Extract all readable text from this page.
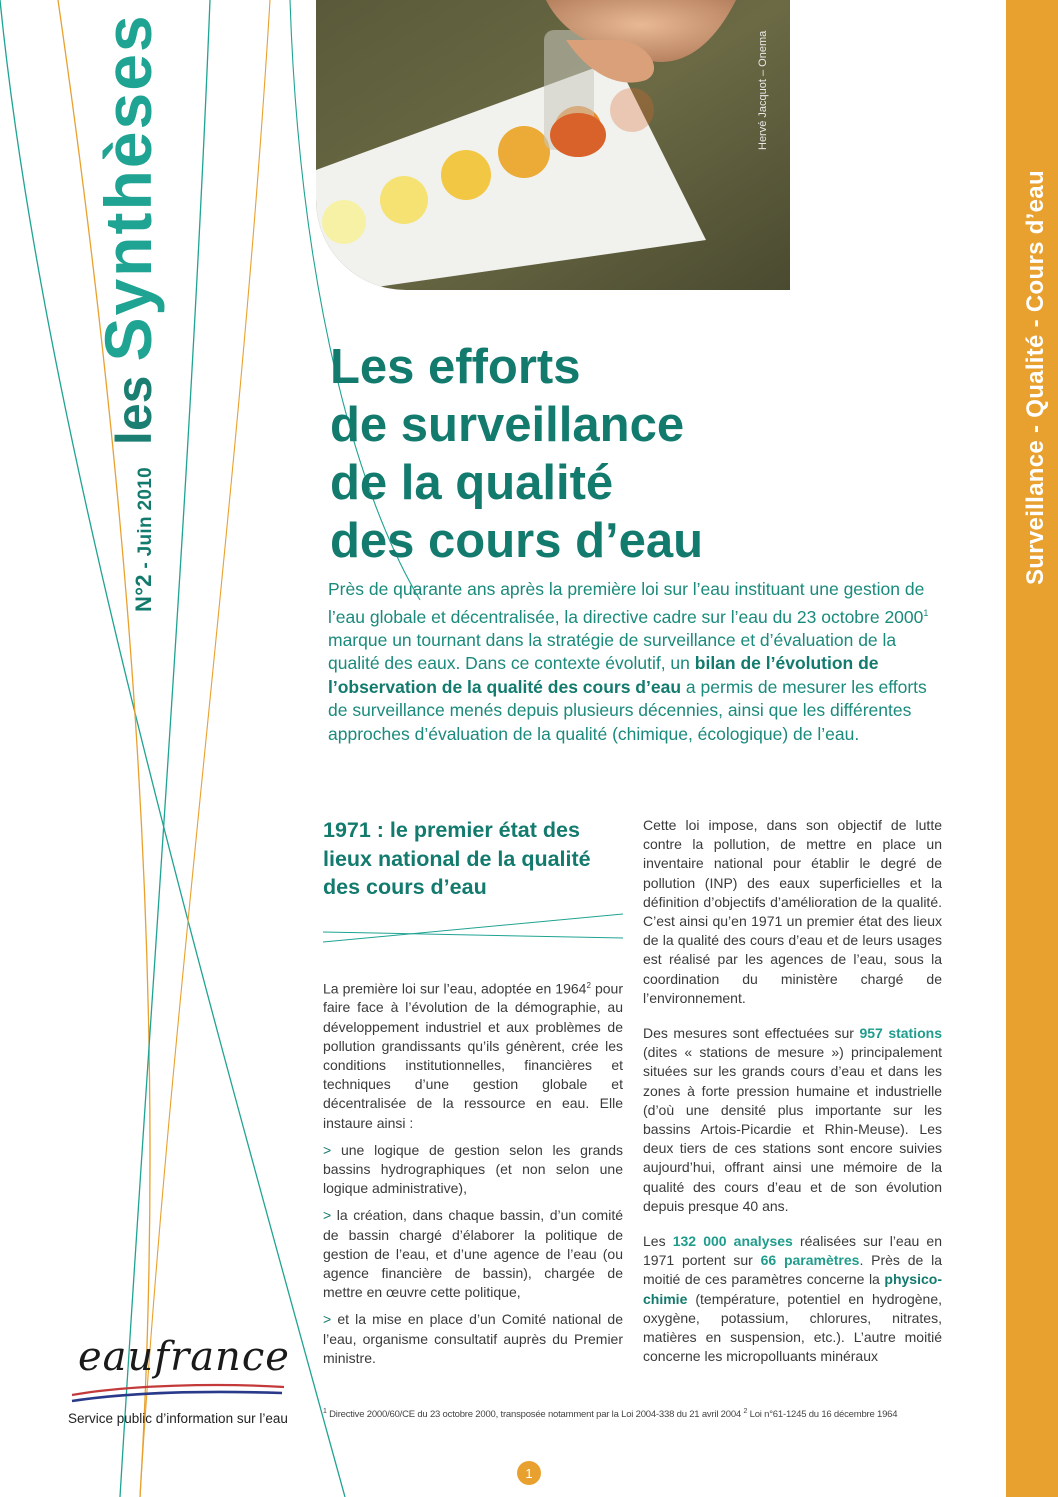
N°2 - Juin 2010
les
Synthèses	Surveillance - Qualité - Cours d’eau
Hervé Jacquot – Onema
Les efforts
de surveillance
de la qualité
des cours d’eau

Près de quarante ans après la première loi sur l’eau instituant une gestion de l’eau globale et décentralisée, la directive cadre sur l’eau du 23 octobre 2000$^1$ marque un tournant dans la stratégie de surveillance et d’évaluation de la qualité des eaux. Dans ce contexte évolutif, un bilan de l’évolution de l’observation de la qualité des cours d’eau a permis de mesurer les efforts de surveillance menés depuis plusieurs décennies, ainsi que les différentes approches d’évaluation de la qualité (chimique, écologique) de l’eau.

1971 : le premier état des lieux national de la qualité des cours d’eau

La première loi sur l’eau, adoptée en 1964$^2$ pour faire face à l’évolution de la démographie, au développement industriel et aux problèmes de pollution grandissants qu’ils génèrent, crée les conditions institutionnelles, financières et techniques d’une gestion globale et décentralisée de la ressource en eau. Elle instaure ainsi :

> une logique de gestion selon les grands bassins hydrographiques (et non selon une logique administrative),

> la création, dans chaque bassin, d’un comité de bassin chargé d’élaborer la politique de gestion de l’eau, et d’une agence de l’eau (ou agence financière de bassin), chargée de mettre en œuvre cette politique,

> et la mise en place d’un Comité national de l’eau, organisme consultatif auprès du Premier ministre.

Cette loi impose, dans son objectif de lutte contre la pollution, de mettre en place un inventaire national pour établir le degré de pollution (INP) des eaux superficielles et la définition d’objectifs d’amélioration de la qualité. C’est ainsi qu’en 1971 un premier état des lieux de la qualité des cours d’eau et de leurs usages est réalisé par les agences de l’eau, sous la coordination du ministère chargé de l’environnement.

Des mesures sont effectuées sur 957 stations (dites « stations de mesure ») principalement situées sur les grands cours d’eau et dans les zones à forte pression humaine et industrielle (d’où une densité plus importante sur les bassins Artois-Picardie et Rhin-Meuse). Les deux tiers de ces stations sont encore suivies aujourd’hui, offrant ainsi une mémoire de la qualité des cours d’eau et de son évolution depuis presque 40 ans.

Les 132 000 analyses réalisées sur l’eau en 1971 portent sur 66 paramètres. Près de la moitié de ces paramètres concerne la physico-chimie (température, potentiel en hydrogène, oxygène, potassium, chlorures, nitrates, matières en suspension, etc.). L’autre moitié concerne les micropolluants minéraux

eaufrance
Service public d’information sur l’eau	$^1$ Directive 2000/60/CE du 23 octobre 2000, transposée notamment par la Loi 2004-338 du 21 avril 2004 $^2$ Loi n°61-1245 du 16 décembre 1964
1
